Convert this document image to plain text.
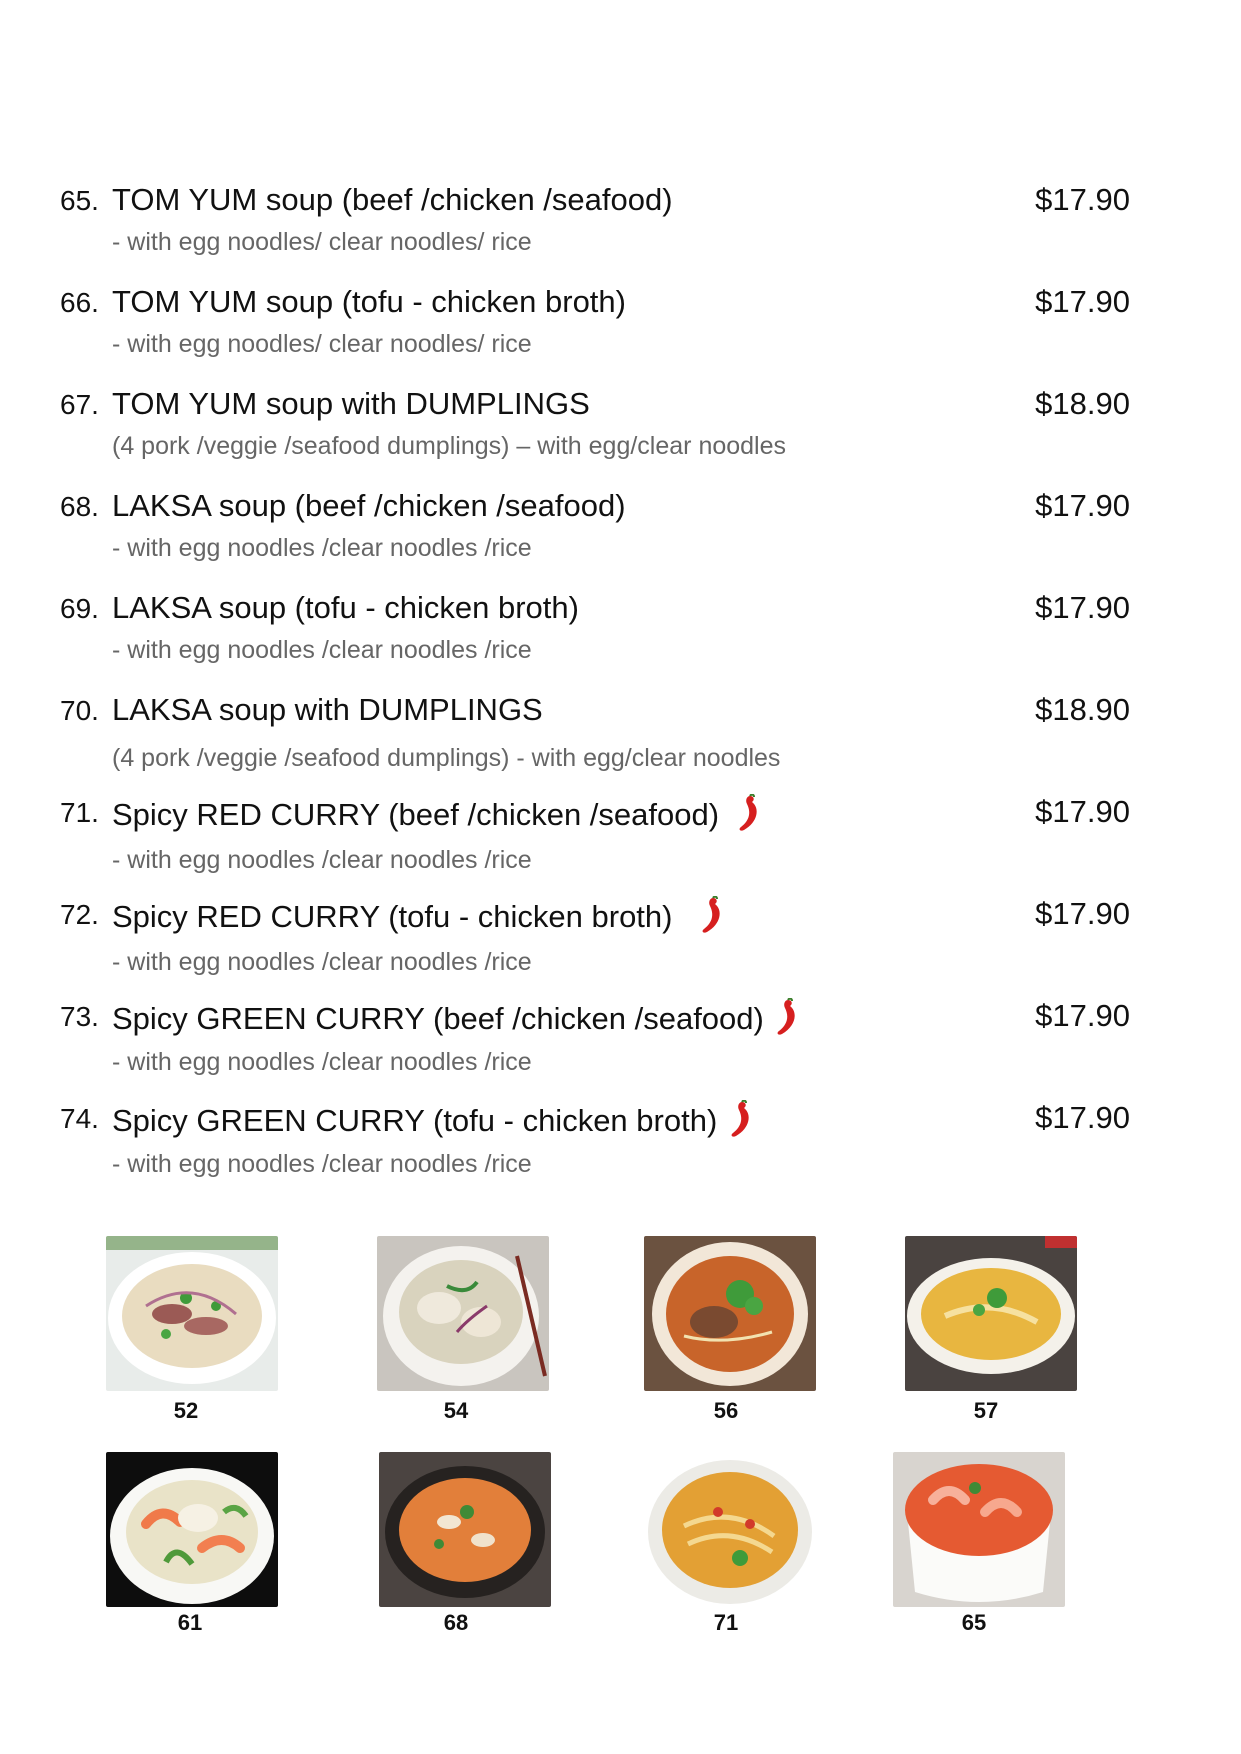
65. TOM YUM soup (beef /chicken /seafood)	$17.90
- with egg noodles/ clear noodles/ rice
66. TOM YUM soup (tofu - chicken broth)	$17.90
- with egg noodles/ clear noodles/ rice
67. TOM YUM soup with DUMPLINGS	$18.90
(4 pork /veggie /seafood dumplings) – with egg/clear noodles
68. LAKSA soup (beef /chicken /seafood)	$17.90
- with egg noodles /clear noodles /rice
69. LAKSA soup (tofu - chicken broth)	$17.90
- with egg noodles /clear noodles /rice
70. LAKSA soup with DUMPLINGS	$18.90
(4 pork /veggie /seafood dumplings) - with egg/clear noodles
71. Spicy RED CURRY (beef /chicken /seafood)	$17.90
- with egg noodles /clear noodles /rice
72. Spicy RED CURRY (tofu - chicken broth)	$17.90
- with egg noodles /clear noodles /rice
73. Spicy GREEN CURRY (beef /chicken /seafood)	$17.90
- with egg noodles /clear noodles /rice
74. Spicy GREEN CURRY (tofu - chicken broth)	$17.90
- with egg noodles /clear noodles /rice
52	54	56	57
61	68	71	65
